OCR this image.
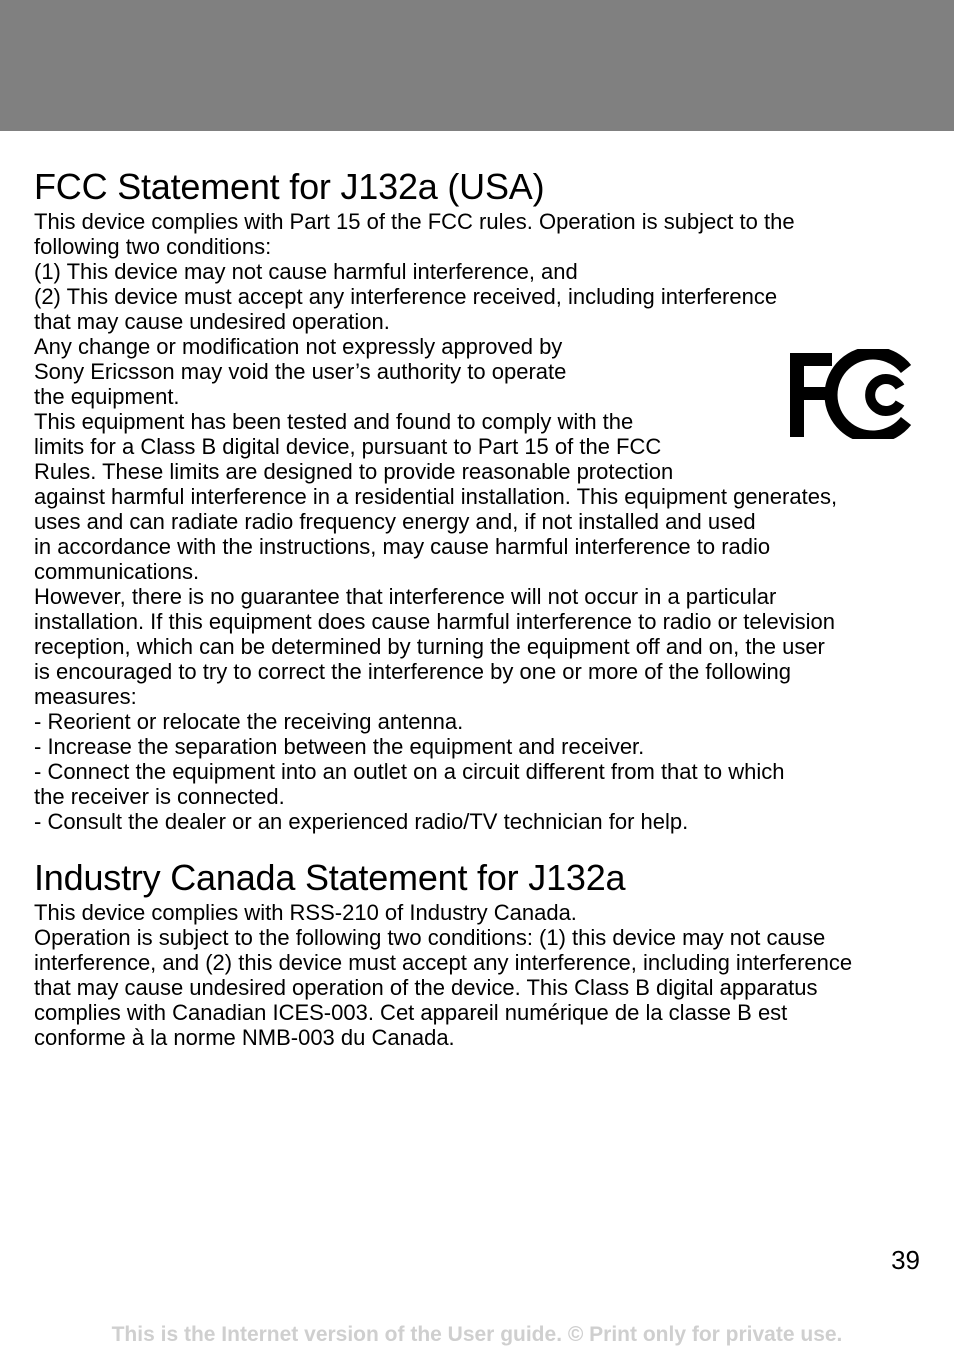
FCC Statement for J132a (USA)

This device complies with Part 15 of the FCC rules. Operation is subject to the

following two conditions:

(1) This device may not cause harmful interference, and

(2) This device must accept any interference received, including interference

that may cause undesired operation.

Any change or modification not expressly approved by

Sony Ericsson may void the user’s authority to operate

the equipment.

This equipment has been tested and found to comply with the

limits for a Class B digital device, pursuant to Part 15 of the FCC

Rules. These limits are designed to provide reasonable protection

against harmful interference in a residential installation. This equipment generates,

uses and can radiate radio frequency energy and, if not installed and used

in accordance with the instructions, may cause harmful interference to radio

communications.

However, there is no guarantee that interference will not occur in a particular

installation. If this equipment does cause harmful interference to radio or television

reception, which can be determined by turning the equipment off and on, the user

is encouraged to try to correct the interference by one or more of the following

measures:

- Reorient or relocate the receiving antenna.

- Increase the separation between the equipment and receiver.

- Connect the equipment into an outlet on a circuit different from that to which

the receiver is connected.

- Consult the dealer or an experienced radio/TV technician for help.

Industry Canada Statement for J132a

This device complies with RSS-210 of Industry Canada.

Operation is subject to the following two conditions: (1) this device may not cause

interference, and (2) this device must accept any interference, including interference

that may cause undesired operation of the device. This Class B digital apparatus

complies with Canadian ICES-003. Cet appareil numérique de la classe B est

conforme à la norme NMB-003 du Canada.

39
This is the Internet version of the User guide. © Print only for private use.
